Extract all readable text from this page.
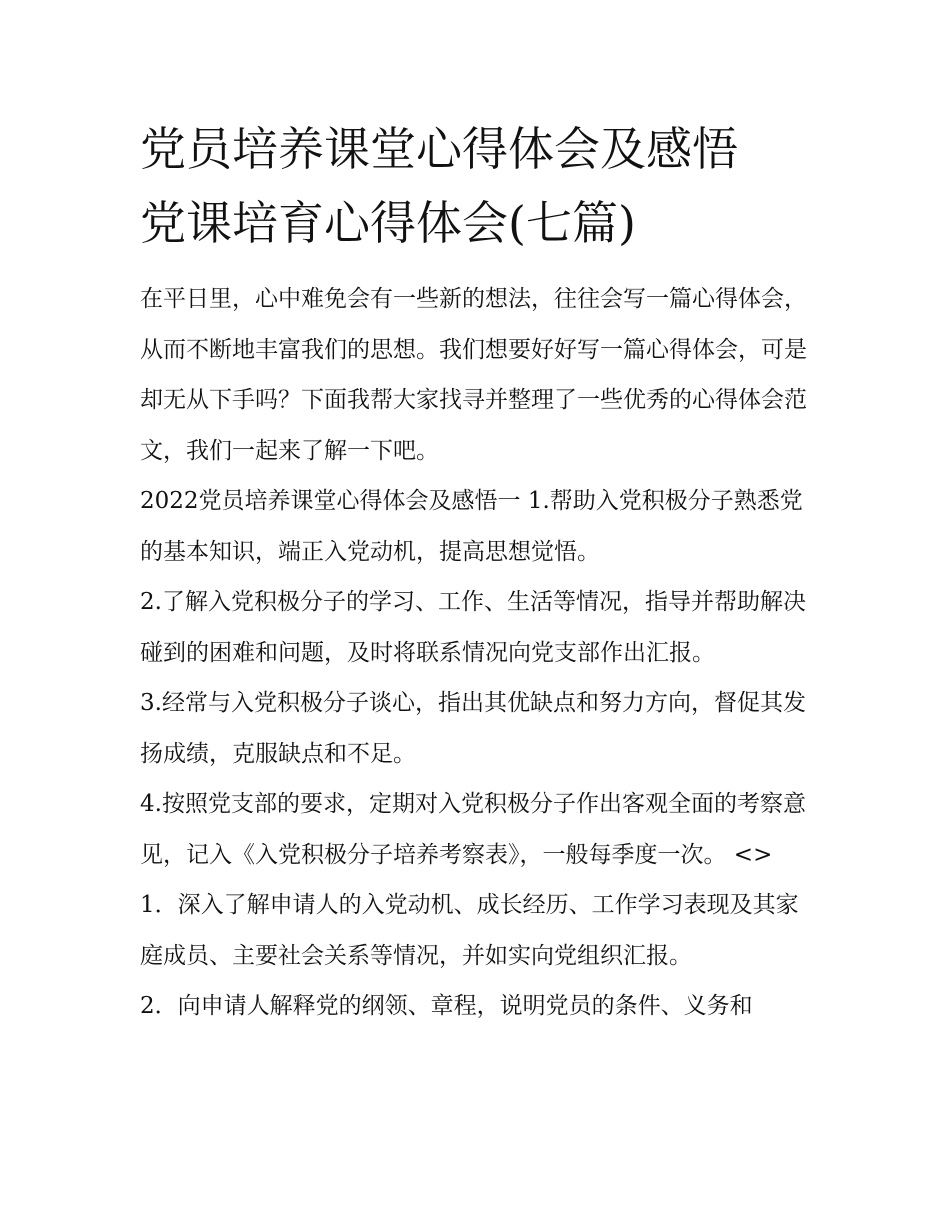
党员培养课堂心得体会及感悟
党课培育心得体会(七篇)

在平日里，心中难免会有一些新的想法，往往会写一篇心得体会，从而不断地丰富我们的思想。我们想要好好写一篇心得体会，可是却无从下手吗？下面我帮大家找寻并整理了一些优秀的心得体会范文，我们一起来了解一下吧。

2022党员培养课堂心得体会及感悟一 1.帮助入党积极分子熟悉党的基本知识，端正入党动机，提高思想觉悟。

2.了解入党积极分子的学习、工作、生活等情况，指导并帮助解决碰到的困难和问题，及时将联系情况向党支部作出汇报。

3.经常与入党积极分子谈心，指出其优缺点和努力方向，督促其发扬成绩，克服缺点和不足。

4.按照党支部的要求，定期对入党积极分子作出客观全面的考察意见，记入《入党积极分子培养考察表》，一般每季度一次。 <>

1．深入了解申请人的入党动机、成长经历、工作学习表现及其家庭成员、主要社会关系等情况，并如实向党组织汇报。

2．向申请人解释党的纲领、章程，说明党员的条件、义务和
